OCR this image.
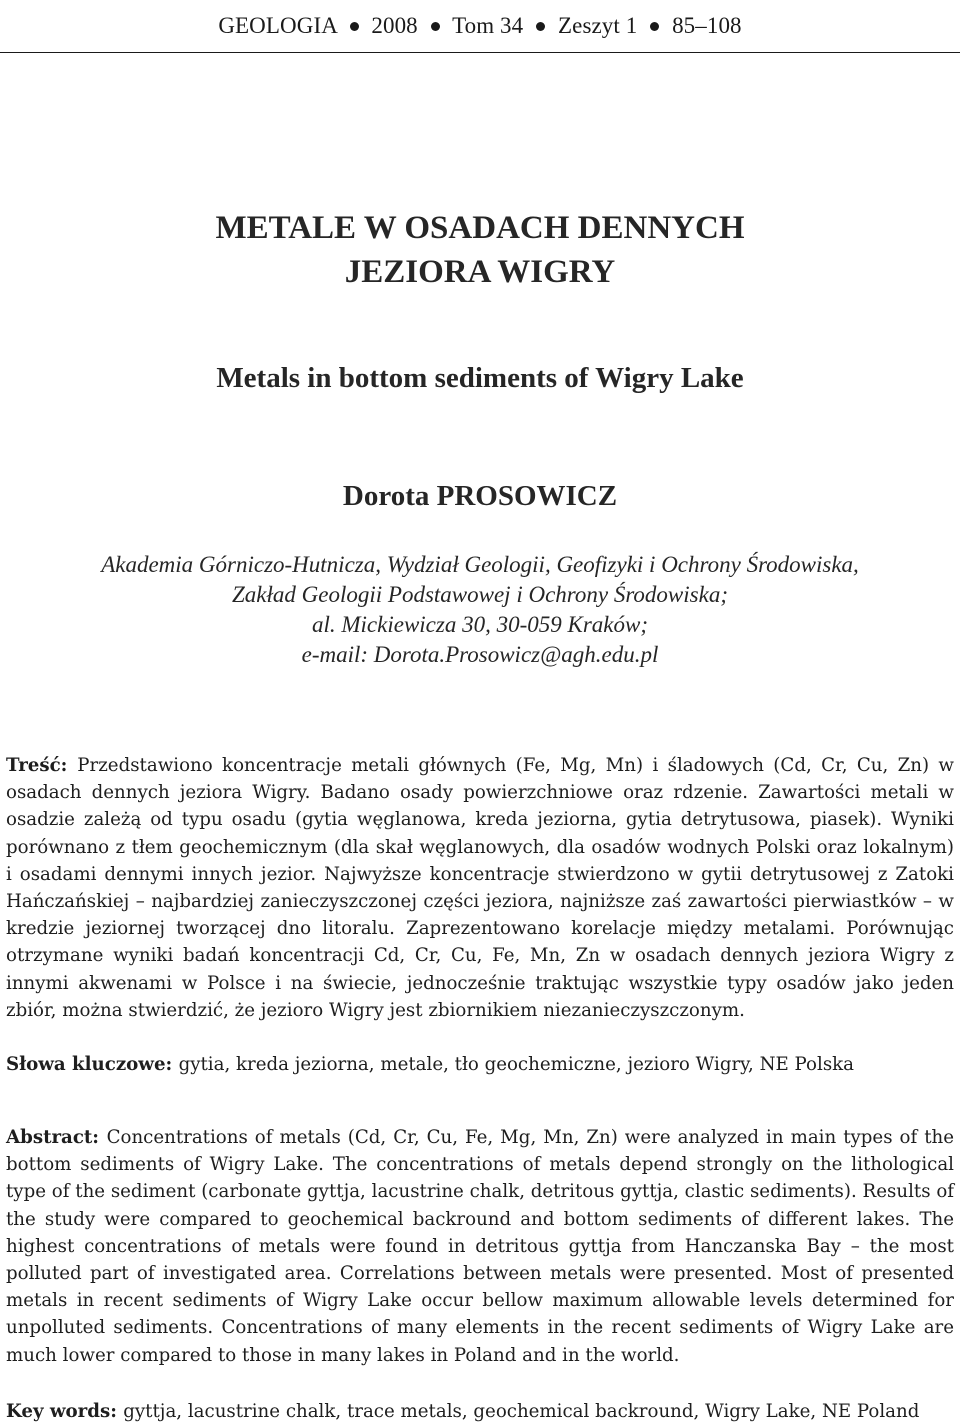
GEOLOGIA 2008 Tom 34 Zeszyt 1 85–108
METALE W OSADACH DENNYCH
JEZIORA WIGRY
Metals in bottom sediments of Wigry Lake
Dorota PROSOWICZ
Akademia Górniczo-Hutnicza, Wydział Geologii, Geofizyki i Ochrony Środowiska,
Zakład Geologii Podstawowej i Ochrony Środowiska;
al. Mickiewicza 30, 30-059 Kraków;
e-mail: Dorota.Prosowicz@agh.edu.pl
Treść: Przedstawiono koncentracje metali głównych (Fe, Mg, Mn) i śladowych (Cd, Cr, Cu, Zn) w osadach dennych jeziora Wigry. Badano osady powierzchniowe oraz rdzenie. Zawartości metali w osadzie zależą od typu osadu (gytia węglanowa, kreda jeziorna, gytia detrytusowa, piasek). Wyniki porównano z tłem geochemicznym (dla skał węglanowych, dla osadów wodnych Polski oraz lokalnym) i osadami dennymi innych jezior. Najwyższe koncentracje stwierdzono w gytii detrytusowej z Zatoki Hańczańskiej – najbardziej zanieczyszczonej części jeziora, najniższe zaś zawartości pierwiastków – w kredzie jeziornej tworzącej dno litoralu. Zaprezentowano korelacje między metalami. Porównując otrzymane wyniki badań koncentracji Cd, Cr, Cu, Fe, Mn, Zn w osadach dennych jeziora Wigry z innymi akwenami w Polsce i na świecie, jednocześnie traktując wszystkie typy osadów jako jeden zbiór, można stwierdzić, że jezioro Wigry jest zbiornikiem niezanieczyszczonym.
Słowa kluczowe: gytia, kreda jeziorna, metale, tło geochemiczne, jezioro Wigry, NE Polska
Abstract: Concentrations of metals (Cd, Cr, Cu, Fe, Mg, Mn, Zn) were analyzed in main types of the bottom sediments of Wigry Lake. The concentrations of metals depend strongly on the lithological type of the sediment (carbonate gyttja, lacustrine chalk, detritous gyttja, clastic sediments). Results of the study were compared to geochemical backround and bottom sediments of different lakes. The highest concentrations of metals were found in detritous gyttja from Hanczanska Bay – the most polluted part of investigated area. Correlations between metals were presented. Most of presented metals in recent sediments of Wigry Lake occur bellow maximum allowable levels determined for unpolluted sediments. Concentrations of many elements in the recent sediments of Wigry Lake are much lower compared to those in many lakes in Poland and in the world.
Key words: gyttja, lacustrine chalk, trace metals, geochemical backround, Wigry Lake, NE Poland
